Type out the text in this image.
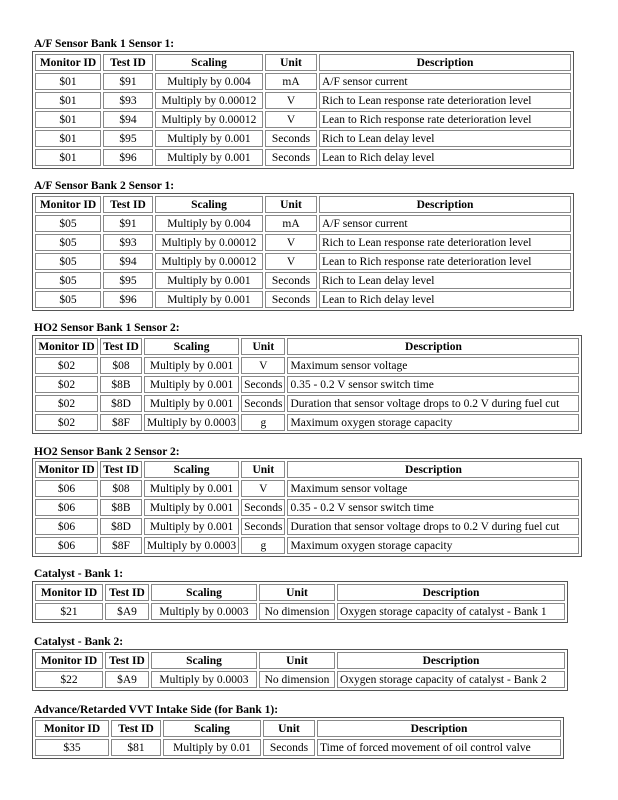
A/F Sensor Bank 1 Sensor 1:
Monitor ID	Test ID	Scaling	Unit	Description
$01	$91	Multiply by 0.004	mA	A/F sensor current
$01	$93	Multiply by 0.00012	V	Rich to Lean response rate deterioration level
$01	$94	Multiply by 0.00012	V	Lean to Rich response rate deterioration level
$01	$95	Multiply by 0.001	Seconds	Rich to Lean delay level
$01	$96	Multiply by 0.001	Seconds	Lean to Rich delay level
A/F Sensor Bank 2 Sensor 1:
Monitor ID	Test ID	Scaling	Unit	Description
$05	$91	Multiply by 0.004	mA	A/F sensor current
$05	$93	Multiply by 0.00012	V	Rich to Lean response rate deterioration level
$05	$94	Multiply by 0.00012	V	Lean to Rich response rate deterioration level
$05	$95	Multiply by 0.001	Seconds	Rich to Lean delay level
$05	$96	Multiply by 0.001	Seconds	Lean to Rich delay level
HO2 Sensor Bank 1 Sensor 2:
Monitor ID	Test ID	Scaling	Unit	Description
$02	$08	Multiply by 0.001	V	Maximum sensor voltage
$02	$8B	Multiply by 0.001	Seconds	0.35 - 0.2 V sensor switch time
$02	$8D	Multiply by 0.001	Seconds	Duration that sensor voltage drops to 0.2 V during fuel cut
$02	$8F	Multiply by 0.0003	g	Maximum oxygen storage capacity
HO2 Sensor Bank 2 Sensor 2:
Monitor ID	Test ID	Scaling	Unit	Description
$06	$08	Multiply by 0.001	V	Maximum sensor voltage
$06	$8B	Multiply by 0.001	Seconds	0.35 - 0.2 V sensor switch time
$06	$8D	Multiply by 0.001	Seconds	Duration that sensor voltage drops to 0.2 V during fuel cut
$06	$8F	Multiply by 0.0003	g	Maximum oxygen storage capacity
Catalyst - Bank 1:
Monitor ID	Test ID	Scaling	Unit	Description
$21	$A9	Multiply by 0.0003	No dimension	Oxygen storage capacity of catalyst - Bank 1
Catalyst - Bank 2:
Monitor ID	Test ID	Scaling	Unit	Description
$22	$A9	Multiply by 0.0003	No dimension	Oxygen storage capacity of catalyst - Bank 2
Advance/Retarded VVT Intake Side (for Bank 1):
Monitor ID	Test ID	Scaling	Unit	Description
$35	$81	Multiply by 0.01	Seconds	Time of forced movement of oil control valve
